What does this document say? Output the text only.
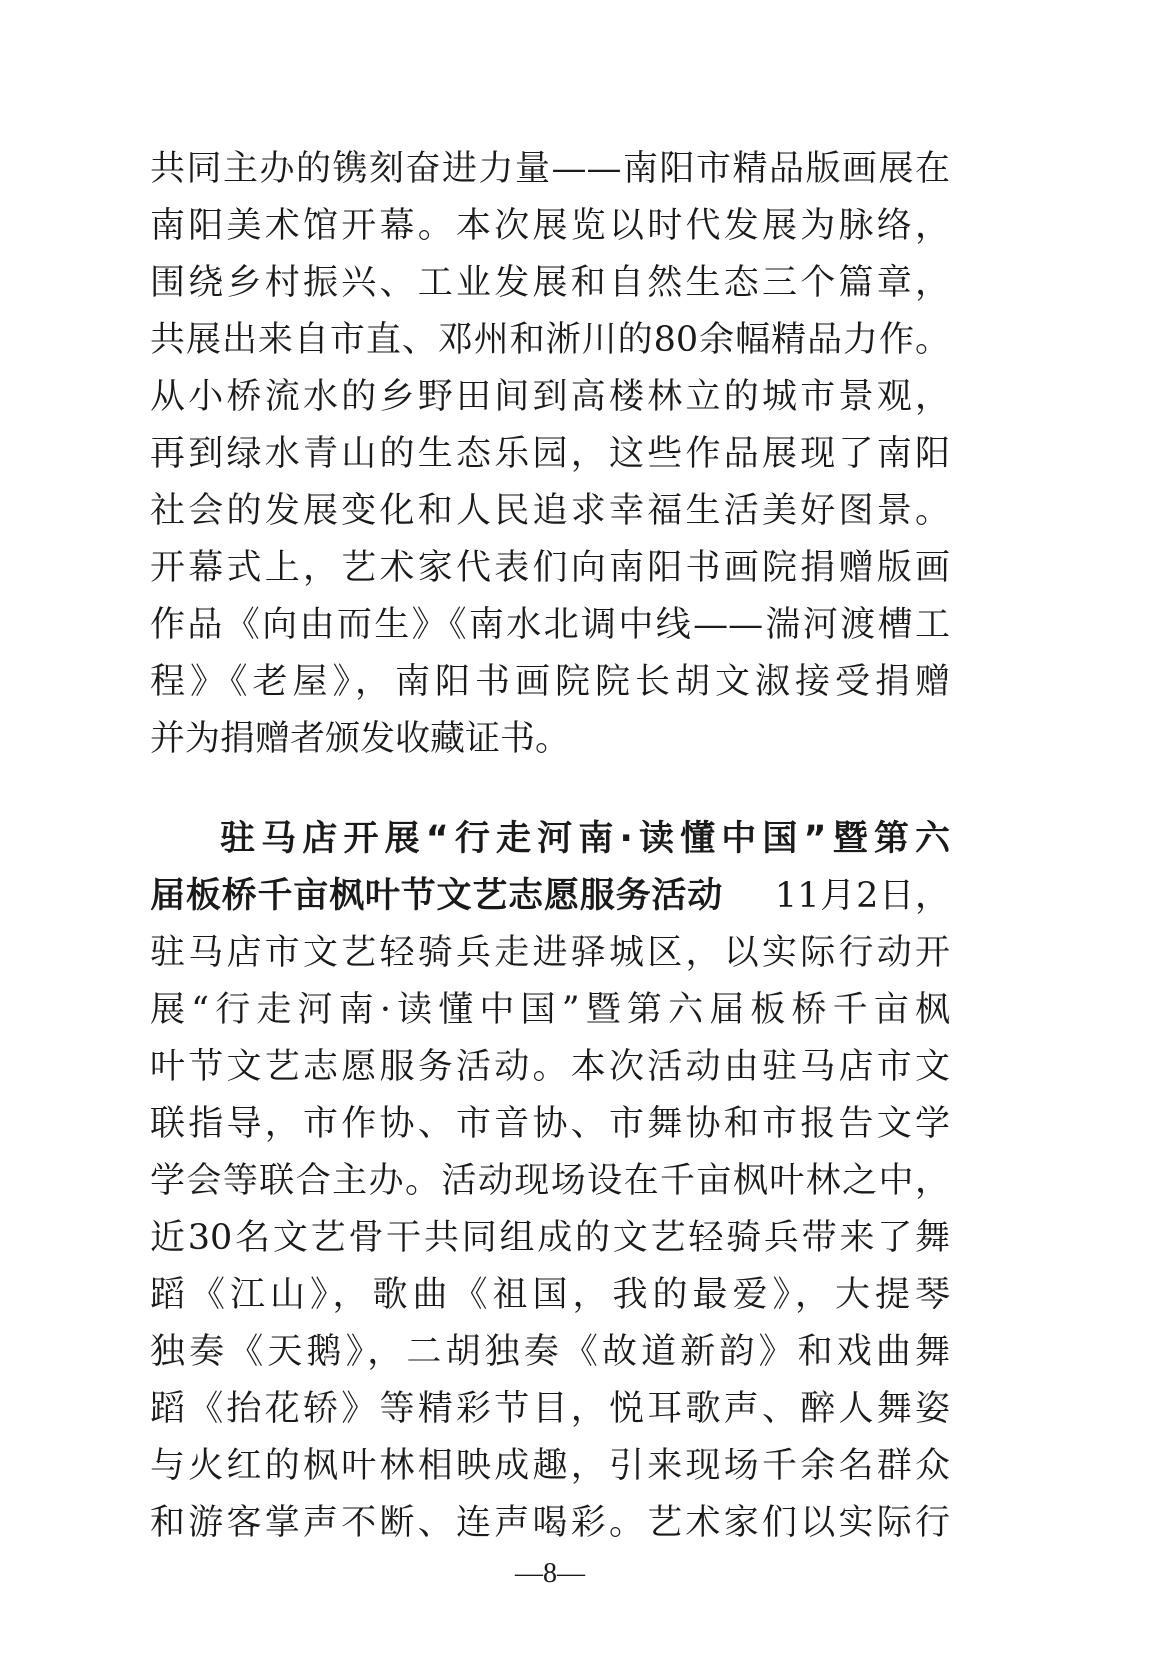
共同主办的镌刻奋进力量——南阳市精品版画展在
南阳美术馆开幕。本次展览以时代发展为脉络，
围绕乡村振兴、工业发展和自然生态三个篇章，
共展出来自市直、邓州和淅川的80余幅精品力作。
从小桥流水的乡野田间到高楼林立的城市景观，
再到绿水青山的生态乐园，这些作品展现了南阳
社会的发展变化和人民追求幸福生活美好图景。
开幕式上，艺术家代表们向南阳书画院捐赠版画
作品《向由而生》《南水北调中线——湍河渡槽工
程》《老屋》，南阳书画院院长胡文淑接受捐赠
并为捐赠者颁发收藏证书。
驻马店开展“行走河南·读懂中国”暨第六
届板桥千亩枫叶节文艺志愿服务活动 11月2日，
驻马店市文艺轻骑兵走进驿城区，以实际行动开
展“行走河南·读懂中国”暨第六届板桥千亩枫
叶节文艺志愿服务活动。本次活动由驻马店市文
联指导，市作协、市音协、市舞协和市报告文学
学会等联合主办。活动现场设在千亩枫叶林之中，
近30名文艺骨干共同组成的文艺轻骑兵带来了舞
蹈《江山》，歌曲《祖国，我的最爱》，大提琴
独奏《天鹅》，二胡独奏《故道新韵》和戏曲舞
蹈《抬花轿》等精彩节目，悦耳歌声、醉人舞姿
与火红的枫叶林相映成趣，引来现场千余名群众
和游客掌声不断、连声喝彩。艺术家们以实际行
—8—
